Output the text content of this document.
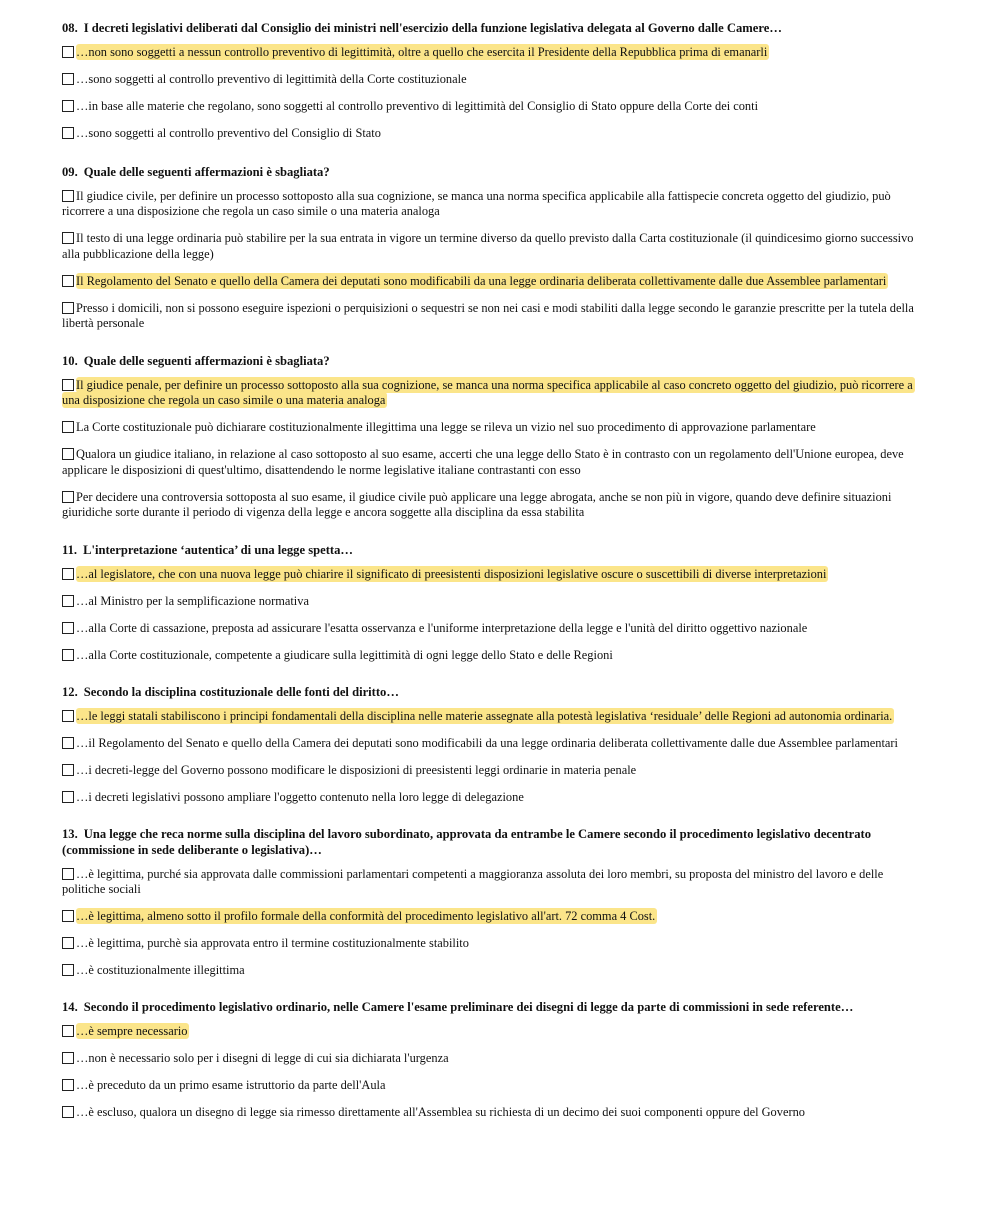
08. I decreti legislativi deliberati dal Consiglio dei ministri nell'esercizio della funzione legislativa delegata al Governo dalle Camere…
…non sono soggetti a nessun controllo preventivo di legittimità, oltre a quello che esercita il Presidente della Repubblica prima di emanarli
…sono soggetti al controllo preventivo di legittimità della Corte costituzionale
…in base alle materie che regolano, sono soggetti al controllo preventivo di legittimità del Consiglio di Stato oppure della Corte dei conti
…sono soggetti al controllo preventivo del Consiglio di Stato
09. Quale delle seguenti affermazioni è sbagliata?
Il giudice civile, per definire un processo sottoposto alla sua cognizione, se manca una norma specifica applicabile alla fattispecie concreta oggetto del giudizio, può ricorrere a una disposizione che regola un caso simile o una materia analoga
Il testo di una legge ordinaria può stabilire per la sua entrata in vigore un termine diverso da quello previsto dalla Carta costituzionale (il quindicesimo giorno successivo alla pubblicazione della legge)
Il Regolamento del Senato e quello della Camera dei deputati sono modificabili da una legge ordinaria deliberata collettivamente dalle due Assemblee parlamentari
Presso i domicili, non si possono eseguire ispezioni o perquisizioni o sequestri se non nei casi e modi stabiliti dalla legge secondo le garanzie prescritte per la tutela della libertà personale
10. Quale delle seguenti affermazioni è sbagliata?
Il giudice penale, per definire un processo sottoposto alla sua cognizione, se manca una norma specifica applicabile al caso concreto oggetto del giudizio, può ricorrere a una disposizione che regola un caso simile o una materia analoga
La Corte costituzionale può dichiarare costituzionalmente illegittima una legge se rileva un vizio nel suo procedimento di approvazione parlamentare
Qualora un giudice italiano, in relazione al caso sottoposto al suo esame, accerti che una legge dello Stato è in contrasto con un regolamento dell'Unione europea, deve applicare le disposizioni di quest'ultimo, disattendendo le norme legislative italiane contrastanti con esso
Per decidere una controversia sottoposta al suo esame, il giudice civile può applicare una legge abrogata, anche se non più in vigore, quando deve definire situazioni giuridiche sorte durante il periodo di vigenza della legge e ancora soggette alla disciplina da essa stabilita
11. L'interpretazione ‘autentica’ di una legge spetta…
…al legislatore, che con una nuova legge può chiarire il significato di preesistenti disposizioni legislative oscure o suscettibili di diverse interpretazioni
…al Ministro per la semplificazione normativa
…alla Corte di cassazione, preposta ad assicurare l'esatta osservanza e l'uniforme interpretazione della legge e l'unità del diritto oggettivo nazionale
…alla Corte costituzionale, competente a giudicare sulla legittimità di ogni legge dello Stato e delle Regioni
12. Secondo la disciplina costituzionale delle fonti del diritto…
…le leggi statali stabiliscono i principi fondamentali della disciplina nelle materie assegnate alla potestà legislativa ‘residuale’ delle Regioni ad autonomia ordinaria.
…il Regolamento del Senato e quello della Camera dei deputati sono modificabili da una legge ordinaria deliberata collettivamente dalle due Assemblee parlamentari
…i decreti-legge del Governo possono modificare le disposizioni di preesistenti leggi ordinarie in materia penale
…i decreti legislativi possono ampliare l'oggetto contenuto nella loro legge di delegazione
13. Una legge che reca norme sulla disciplina del lavoro subordinato, approvata da entrambe le Camere secondo il procedimento legislativo decentrato (commissione in sede deliberante o legislativa)…
…è legittima, purché sia approvata dalle commissioni parlamentari competenti a maggioranza assoluta dei loro membri, su proposta del ministro del lavoro e delle politiche sociali
…è legittima, almeno sotto il profilo formale della conformità del procedimento legislativo all'art. 72 comma 4 Cost.
…è legittima, purchè sia approvata entro il termine costituzionalmente stabilito
…è costituzionalmente illegittima
14. Secondo il procedimento legislativo ordinario, nelle Camere l'esame preliminare dei disegni di legge da parte di commissioni in sede referente…
…è sempre necessario
…non è necessario solo per i disegni di legge di cui sia dichiarata l'urgenza
…è preceduto da un primo esame istruttorio da parte dell'Aula
…è escluso, qualora un disegno di legge sia rimesso direttamente all'Assemblea su richiesta di un decimo dei suoi componenti oppure del Governo
